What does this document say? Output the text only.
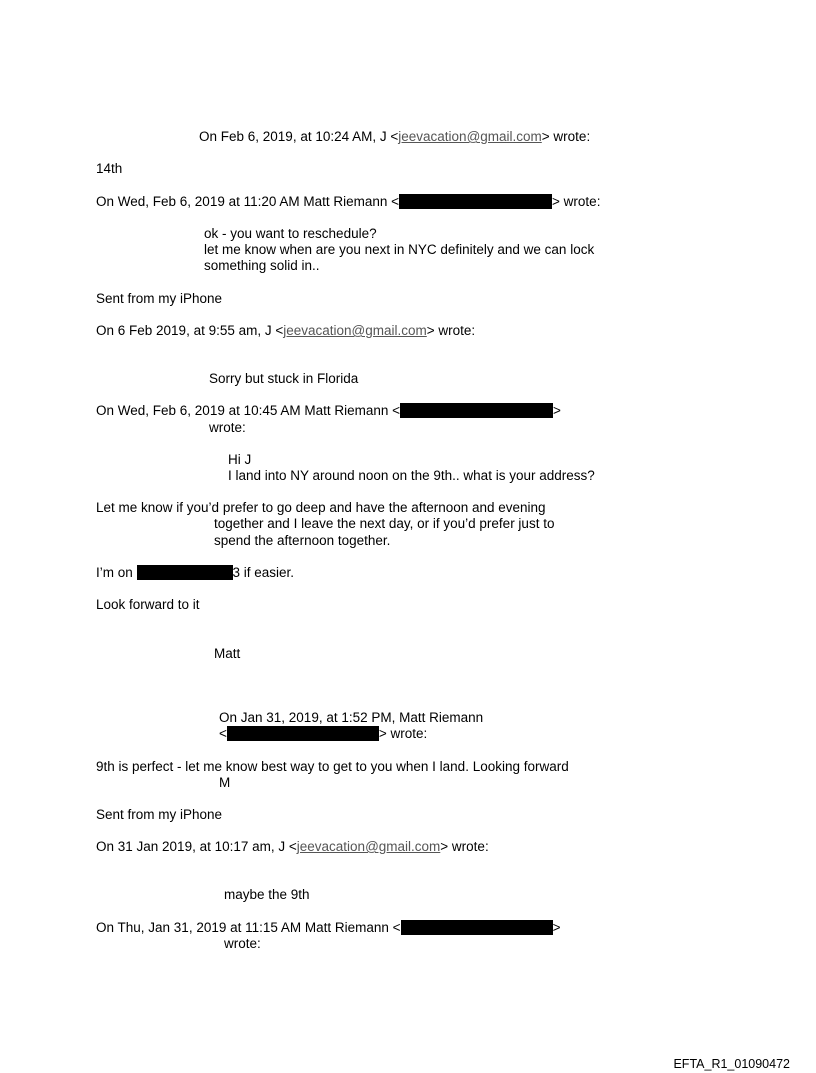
On Feb 6, 2019, at 10:24 AM, J <jeevacation@gmail.com> wrote:
14th
On Wed, Feb 6, 2019 at 11:20 AM Matt Riemann <	> wrote:
ok - you want to reschedule?
let me know when are you next in NYC definitely and we can lock
something solid in..
Sent from my iPhone
On 6 Feb 2019, at 9:55 am, J <jeevacation@gmail.com> wrote:
Sorry but stuck in Florida
On Wed, Feb 6, 2019 at 10:45 AM Matt Riemann <	>
wrote:
Hi J
I land into NY around noon on the 9th.. what is your address?
Let me know if you’d prefer to go deep and have the afternoon and evening
together and I leave the next day, or if you’d prefer just to
spend the afternoon together.
I’m on	3 if easier.
Look forward to it
Matt
On Jan 31, 2019, at 1:52 PM, Matt Riemann
<	> wrote:
9th is perfect - let me know best way to get to you when I land. Looking forward
M
Sent from my iPhone
On 31 Jan 2019, at 10:17 am, J <jeevacation@gmail.com> wrote:
maybe the 9th
On Thu, Jan 31, 2019 at 11:15 AM Matt Riemann <	>
wrote:
EFTA_R1_01090472
